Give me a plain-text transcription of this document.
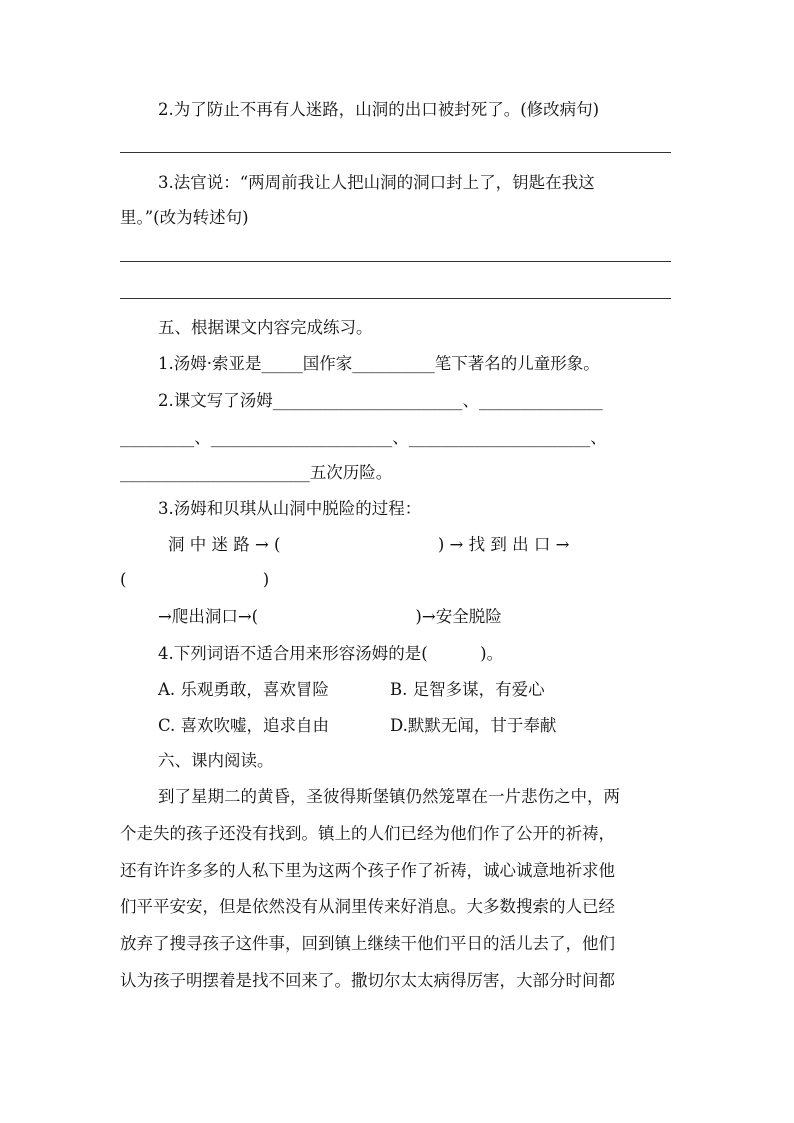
2.为了防止不再有人迷路，山洞的出口被封死了。(修改病句)
3.法官说：“两周前我让人把山洞的洞口封上了，钥匙在我这
里。”(改为转述句)
五、根据课文内容完成练习。
1.汤姆·索亚是_____国作家__________笔下著名的儿童形象。
2.课文写了汤姆_______________________、_______________
_________、______________________、______________________、
_______________________五次历险。
3.汤姆和贝琪从山洞中脱险的过程：
洞 中 迷 路 → (                              ) → 找 到 出 口 →
(                          )
→爬出洞口→(                              )→安全脱险
4.下列词语不适合用来形容汤姆的是(          )。
A. 乐观勇敢，喜欢冒险	B. 足智多谋，有爱心
C. 喜欢吹嘘，追求自由	D.默默无闻，甘于奉献
六、课内阅读。
到了星期二的黄昏，圣彼得斯堡镇仍然笼罩在一片悲伤之中，两
个走失的孩子还没有找到。镇上的人们已经为他们作了公开的祈祷，
还有许许多多的人私下里为这两个孩子作了祈祷，诚心诚意地祈求他
们平平安安，但是依然没有从洞里传来好消息。大多数搜索的人已经
放弃了搜寻孩子这件事，回到镇上继续干他们平日的活儿去了，他们
认为孩子明摆着是找不回来了。撒切尔太太病得厉害，大部分时间都
